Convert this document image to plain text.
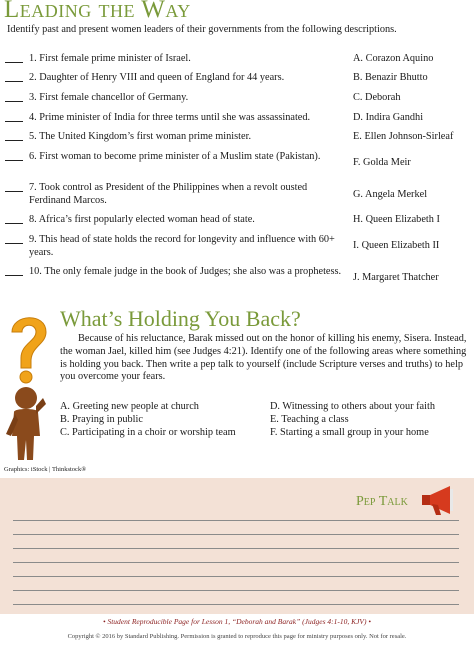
Leading the Way
Identify past and present women leaders of their governments from the following descriptions.
1. First female prime minister of Israel.
2. Daughter of Henry VIII and queen of England for 44 years.
3. First female chancellor of Germany.
4. Prime minister of India for three terms until she was assassinated.
5. The United Kingdom’s first woman prime minister.
6. First woman to become prime minister of a Muslim state (Pakistan).
7. Took control as President of the Philippines when a revolt ousted Ferdinand Marcos.
8. Africa’s first popularly elected woman head of state.
9. This head of state holds the record for longevity and influence with 60+ years.
10. The only female judge in the book of Judges; she also was a prophetess.
A. Corazon Aquino
B. Benazir Bhutto
C. Deborah
D. Indira Gandhi
E. Ellen Johnson-Sirleaf
F. Golda Meir
G. Angela Merkel
H. Queen Elizabeth I
I. Queen Elizabeth II
J. Margaret Thatcher
What’s Holding You Back?
Because of his reluctance, Barak missed out on the honor of killing his enemy, Sisera. Instead, the woman Jael, killed him (see Judges 4:21). Identify one of the following areas where something is holding you back. Then write a pep talk to yourself (include Scripture verses and truths) to help you overcome your fears.
A. Greeting new people at church
B. Praying in public
C. Participating in a choir or worship team
D. Witnessing to others about your faith
E. Teaching a class
F. Starting a small group in your home
Graphics: iStock | Thinkstock®
Pep Talk
• Student Reproducible Page for Lesson 1, “Deborah and Barak” (Judges 4:1-10, KJV) •
Copyright © 2016 by Standard Publishing. Permission is granted to reproduce this page for ministry purposes only. Not for resale.
